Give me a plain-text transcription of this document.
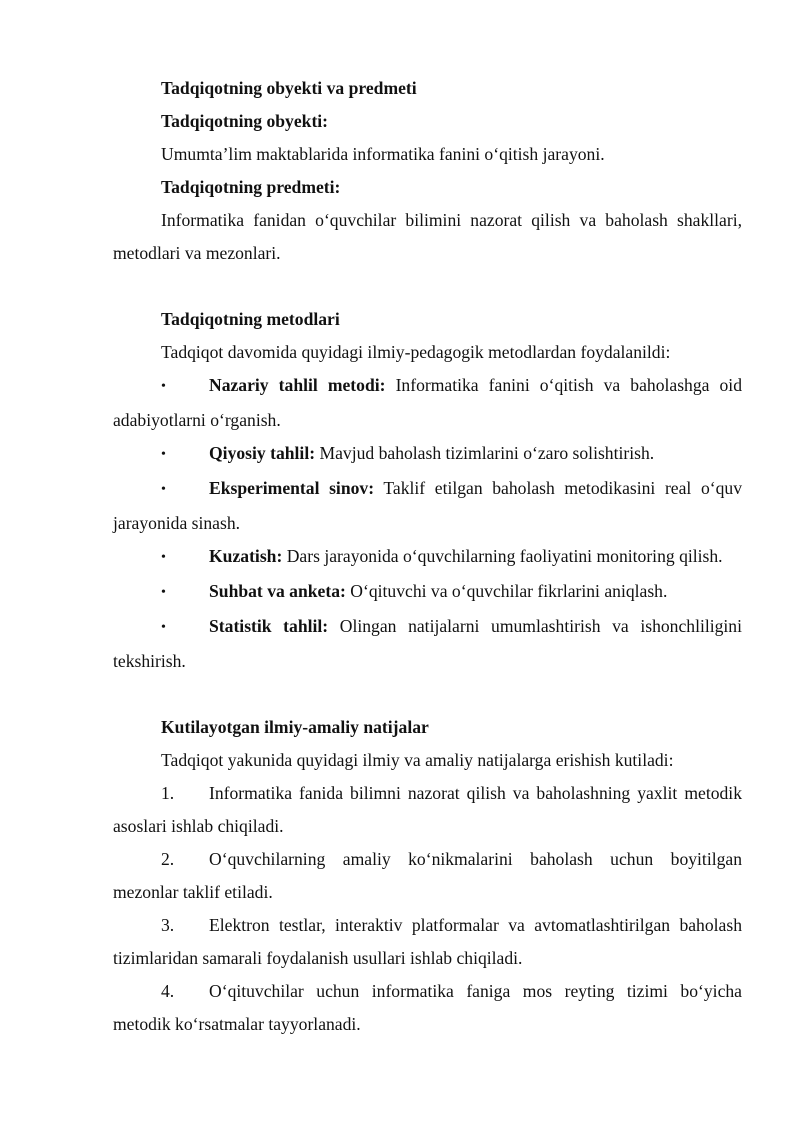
Tadqiqotning obyekti va predmeti

Tadqiqotning obyekti:

Umumta’lim maktablarida informatika fanini o‘qitish jarayoni.

Tadqiqotning predmeti:

Informatika fanidan o‘quvchilar bilimini nazorat qilish va baholash shakllari, metodlari va mezonlari.

Tadqiqotning metodlari

Tadqiqot davomida quyidagi ilmiy-pedagogik metodlardan foydalanildi:

• Nazariy tahlil metodi: Informatika fanini o‘qitish va baholashga oid adabiyotlarni o‘rganish.

• Qiyosiy tahlil: Mavjud baholash tizimlarini o‘zaro solishtirish.

• Eksperimental sinov: Taklif etilgan baholash metodikasini real o‘quv jarayonida sinash.

• Kuzatish: Dars jarayonida o‘quvchilarning faoliyatini monitoring qilish.

• Suhbat va anketa: O‘qituvchi va o‘quvchilar fikrlarini aniqlash.

• Statistik tahlil: Olingan natijalarni umumlashtirish va ishonchliligini tekshirish.

Kutilayotgan ilmiy-amaliy natijalar

Tadqiqot yakunida quyidagi ilmiy va amaliy natijalarga erishish kutiladi:

1. Informatika fanida bilimni nazorat qilish va baholashning yaxlit metodik asoslari ishlab chiqiladi.

2. O‘quvchilarning amaliy ko‘nikmalarini baholash uchun boyitilgan mezonlar taklif etiladi.

3. Elektron testlar, interaktiv platformalar va avtomatlashtirilgan baholash tizimlaridan samarali foydalanish usullari ishlab chiqiladi.

4. O‘qituvchilar uchun informatika faniga mos reyting tizimi bo‘yicha metodik ko‘rsatmalar tayyorlanadi.
